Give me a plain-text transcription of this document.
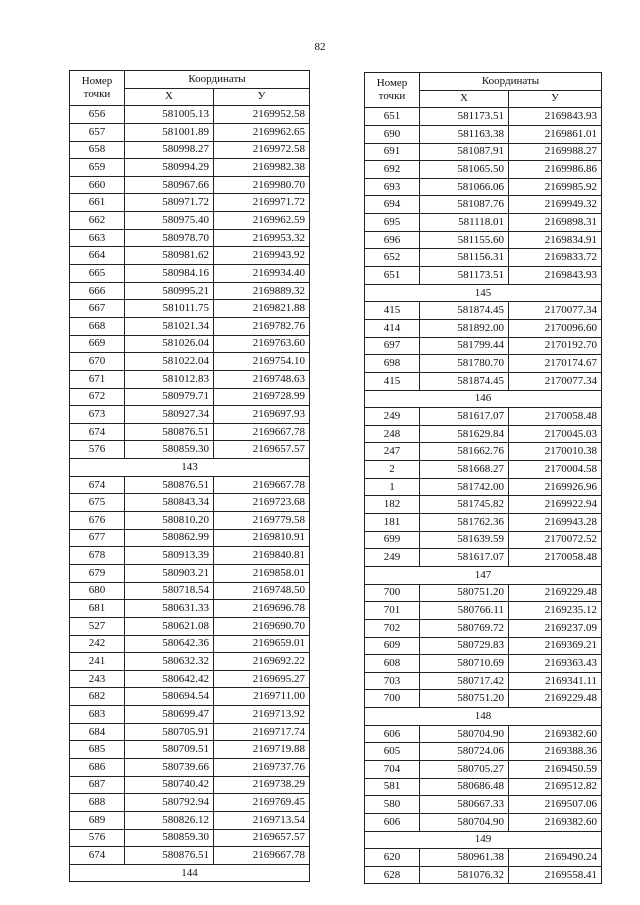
82
Номер
точки	Координаты	
	X	У
656	581005.13	2169952.58
657	581001.89	2169962.65
658	580998.27	2169972.58
659	580994.29	2169982.38
660	580967.66	2169980.70
661	580971.72	2169971.72
662	580975.40	2169962.59
663	580978.70	2169953.32
664	580981.62	2169943.92
665	580984.16	2169934.40
666	580995.21	2169889.32
667	581011.75	2169821.88
668	581021.34	2169782.76
669	581026.04	2169763.60
670	581022.04	2169754.10
671	581012.83	2169748.63
672	580979.71	2169728.99
673	580927.34	2169697.93
674	580876.51	2169667.78
576	580859.30	2169657.57
143		
674	580876.51	2169667.78
675	580843.34	2169723.68
676	580810.20	2169779.58
677	580862.99	2169810.91
678	580913.39	2169840.81
679	580903.21	2169858.01
680	580718.54	2169748.50
681	580631.33	2169696.78
527	580621.08	2169690.70
242	580642.36	2169659.01
241	580632.32	2169692.22
243	580642.42	2169695.27
682	580694.54	2169711.00
683	580699.47	2169713.92
684	580705.91	2169717.74
685	580709.51	2169719.88
686	580739.66	2169737.76
687	580740.42	2169738.29
688	580792.94	2169769.45
689	580826.12	2169713.54
576	580859.30	2169657.57
674	580876.51	2169667.78
144		
Номер
точки	Координаты	
	X	У
651	581173.51	2169843.93
690	581163.38	2169861.01
691	581087.91	2169988.27
692	581065.50	2169986.86
693	581066.06	2169985.92
694	581087.76	2169949.32
695	581118.01	2169898.31
696	581155.60	2169834.91
652	581156.31	2169833.72
651	581173.51	2169843.93
145		
415	581874.45	2170077.34
414	581892.00	2170096.60
697	581799.44	2170192.70
698	581780.70	2170174.67
415	581874.45	2170077.34
146		
249	581617.07	2170058.48
248	581629.84	2170045.03
247	581662.76	2170010.38
2	581668.27	2170004.58
1	581742.00	2169926.96
182	581745.82	2169922.94
181	581762.36	2169943.28
699	581639.59	2170072.52
249	581617.07	2170058.48
147		
700	580751.20	2169229.48
701	580766.11	2169235.12
702	580769.72	2169237.09
609	580729.83	2169369.21
608	580710.69	2169363.43
703	580717.42	2169341.11
700	580751.20	2169229.48
148		
606	580704.90	2169382.60
605	580724.06	2169388.36
704	580705.27	2169450.59
581	580686.48	2169512.82
580	580667.33	2169507.06
606	580704.90	2169382.60
149		
620	580961.38	2169490.24
628	581076.32	2169558.41
